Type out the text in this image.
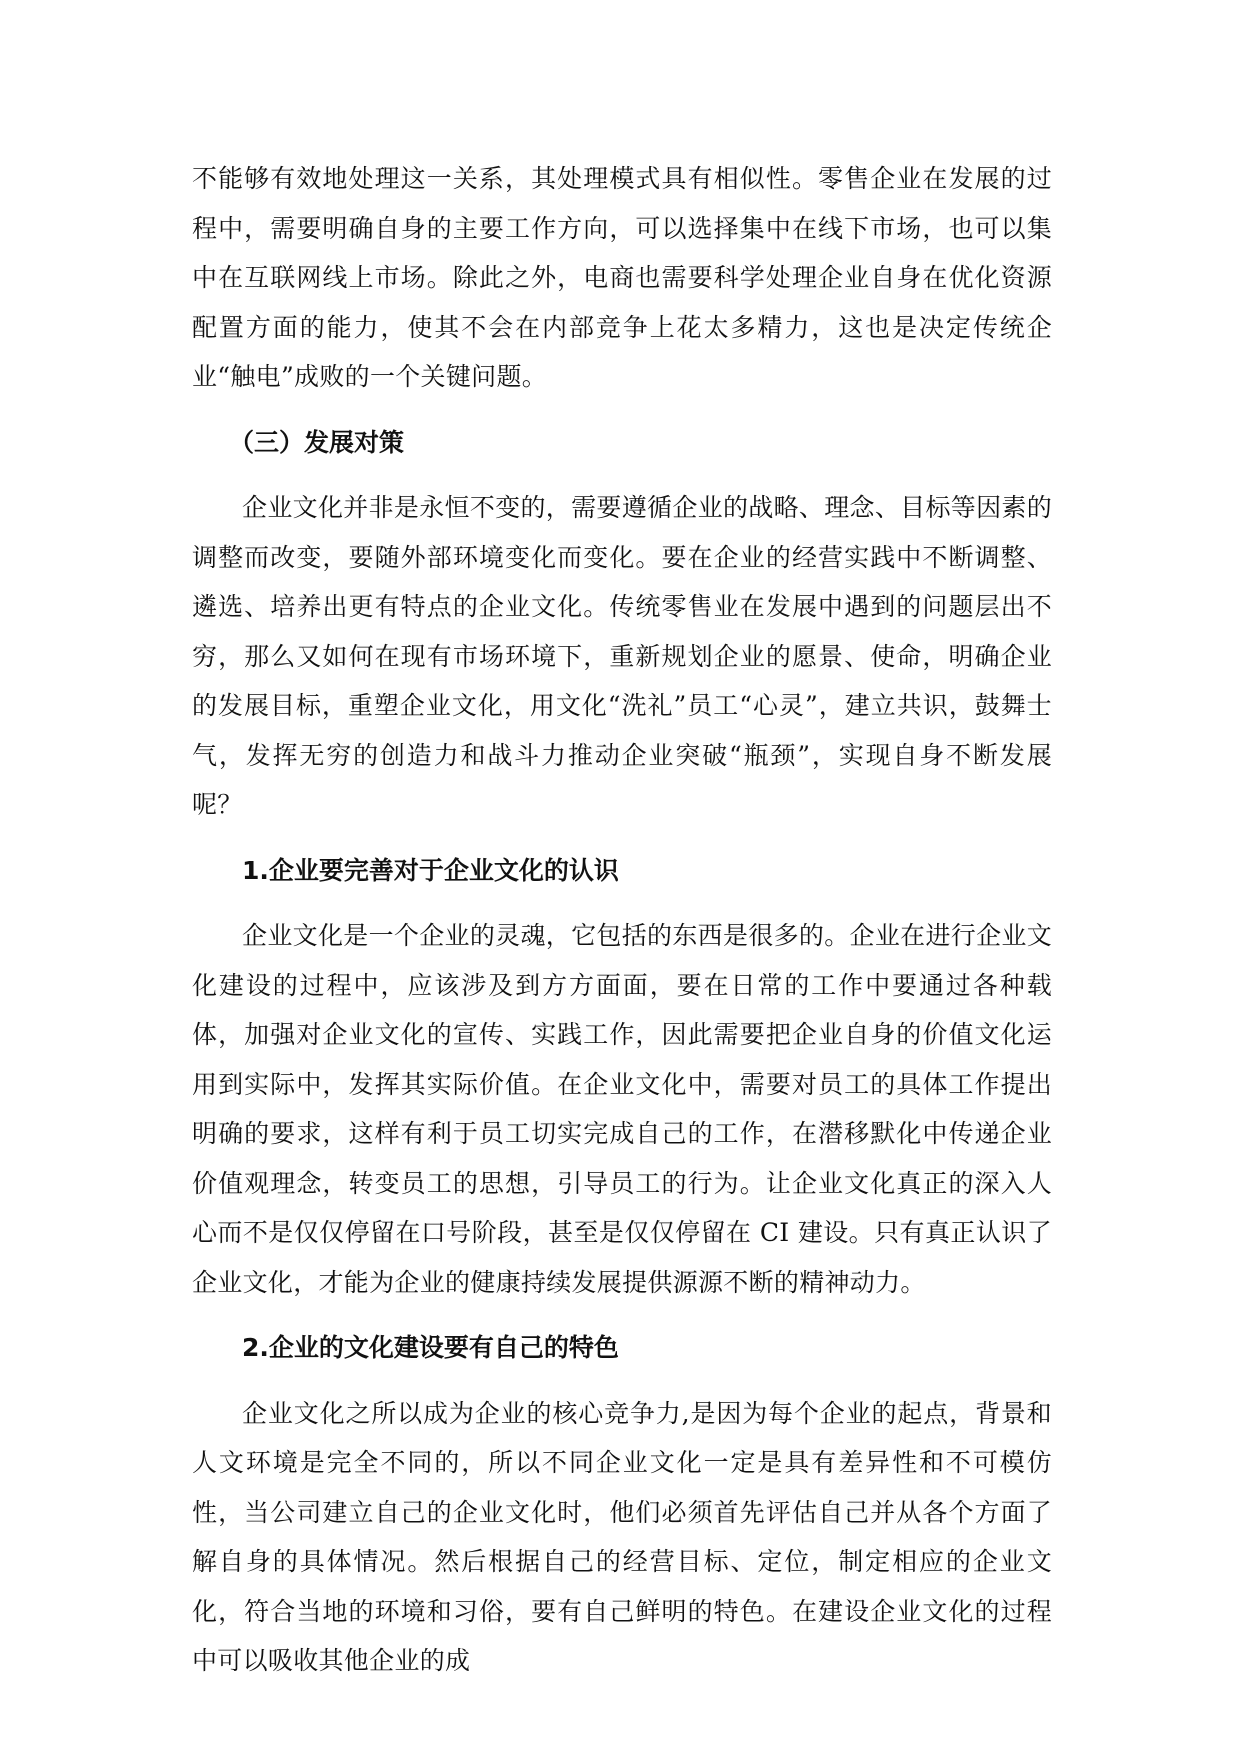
不能够有效地处理这一关系，其处理模式具有相似性。零售企业在发展的过程中，需要明确自身的主要工作方向，可以选择集中在线下市场，也可以集中在互联网线上市场。除此之外，电商也需要科学处理企业自身在优化资源配置方面的能力，使其不会在内部竞争上花太多精力，这也是决定传统企业“触电”成败的一个关键问题。

（三）发展对策

企业文化并非是永恒不变的，需要遵循企业的战略、理念、目标等因素的调整而改变，要随外部环境变化而变化。要在企业的经营实践中不断调整、遴选、培养出更有特点的企业文化。传统零售业在发展中遇到的问题层出不穷，那么又如何在现有市场环境下，重新规划企业的愿景、使命，明确企业的发展目标，重塑企业文化，用文化“洗礼”员工“心灵”，建立共识，鼓舞士气，发挥无穷的创造力和战斗力推动企业突破“瓶颈”，实现自身不断发展呢？

1.企业要完善对于企业文化的认识

企业文化是一个企业的灵魂，它包括的东西是很多的。企业在进行企业文化建设的过程中，应该涉及到方方面面，要在日常的工作中要通过各种载体，加强对企业文化的宣传、实践工作，因此需要把企业自身的价值文化运用到实际中，发挥其实际价值。在企业文化中，需要对员工的具体工作提出明确的要求，这样有利于员工切实完成自己的工作，在潜移默化中传递企业价值观理念，转变员工的思想，引导员工的行为。让企业文化真正的深入人心而不是仅仅停留在口号阶段，甚至是仅仅停留在 CI 建设。只有真正认识了企业文化，才能为企业的健康持续发展提供源源不断的精神动力。

2.企业的文化建设要有自己的特色

企业文化之所以成为企业的核心竞争力,是因为每个企业的起点，背景和人文环境是完全不同的，所以不同企业文化一定是具有差异性和不可模仿性，当公司建立自己的企业文化时，他们必须首先评估自己并从各个方面了解自身的具体情况。然后根据自己的经营目标、定位，制定相应的企业文化，符合当地的环境和习俗，要有自己鲜明的特色。在建设企业文化的过程中可以吸收其他企业的成
